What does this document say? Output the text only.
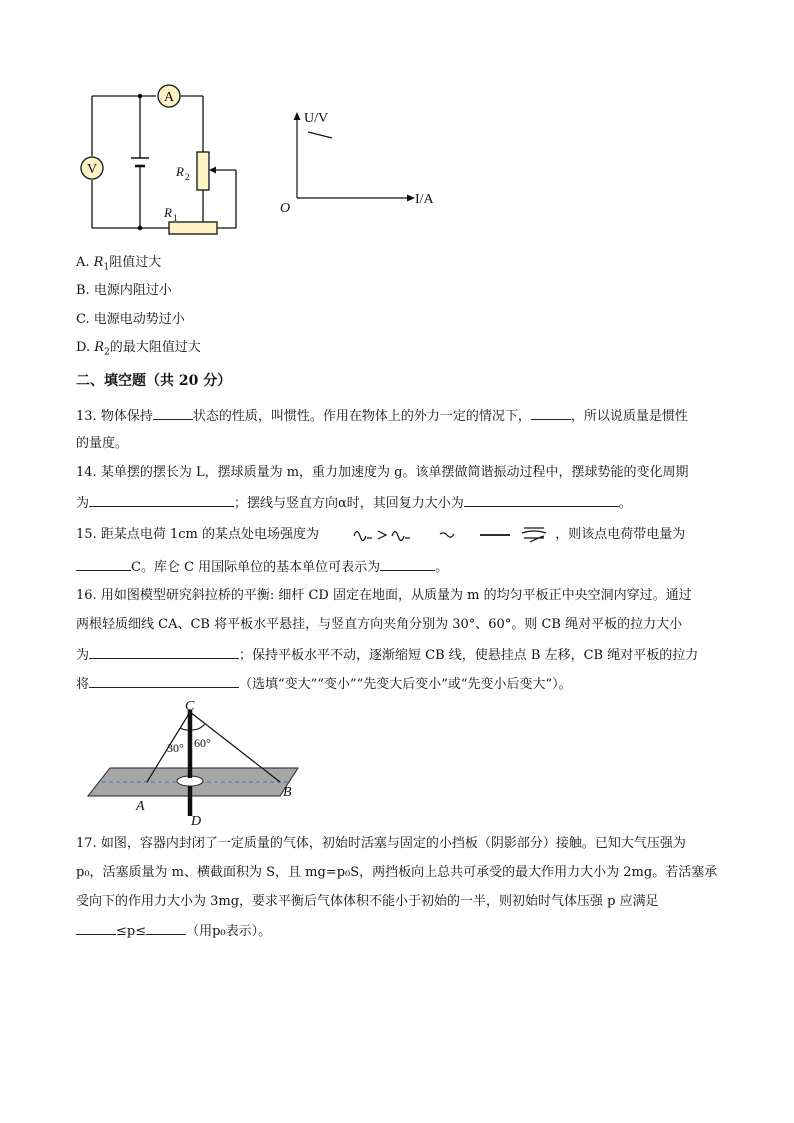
A
V	R 2
R 1
U/V
I/A
O
A. $R_1$阻值过大
B. 电源内阻过小
C. 电源电动势过小
D. $R_2$的最大阻值过大
二、填空题（共 20 分）
13. 物体保持	状态的性质，叫惯性。作用在物体上的外力一定的情况下，	，所以说质量是惯性
的量度。
14. 某单摆的摆长为 L，摆球质量为 m，重力加速度为 g。该单摆做简谐振动过程中，摆球势能的变化周期
为	；摆线与竖直方向α时，其回复力大小为	。
15. 距某点电荷 1cm 的某点处电场强度为	，则该点电荷带电量为
C。库仑 C 用国际单位的基本单位可表示为	。
16. 用如图模型研究斜拉桥的平衡: 细杆 CD 固定在地面，从质量为 m 的均匀平板正中央空洞内穿过。通过
两根轻质细线 CA、CB 将平板水平悬挂，与竖直方向夹角分别为 30°、60°。则 CB 绳对平板的拉力大小
为	；保持平板水平不动，逐渐缩短 CB 线，使悬挂点 B 左移，CB 绳对平板的拉力
将	（选填“变大”“变小”“先变大后变小”或“先变小后变大”）。
C
D
A
B
30° 60°
17. 如图，容器内封闭了一定质量的气体，初始时活塞与固定的小挡板（阴影部分）接触。已知大气压强为
p₀，活塞质量为 m、横截面积为 S，且 mg=p₀S，两挡板向上总共可承受的最大作用力大小为 2mg。若活塞承
受向下的作用力大小为 3mg，要求平衡后气体体积不能小于初始的一半，则初始时气体压强 p 应满足
≤p≤	（用p₀表示）。
